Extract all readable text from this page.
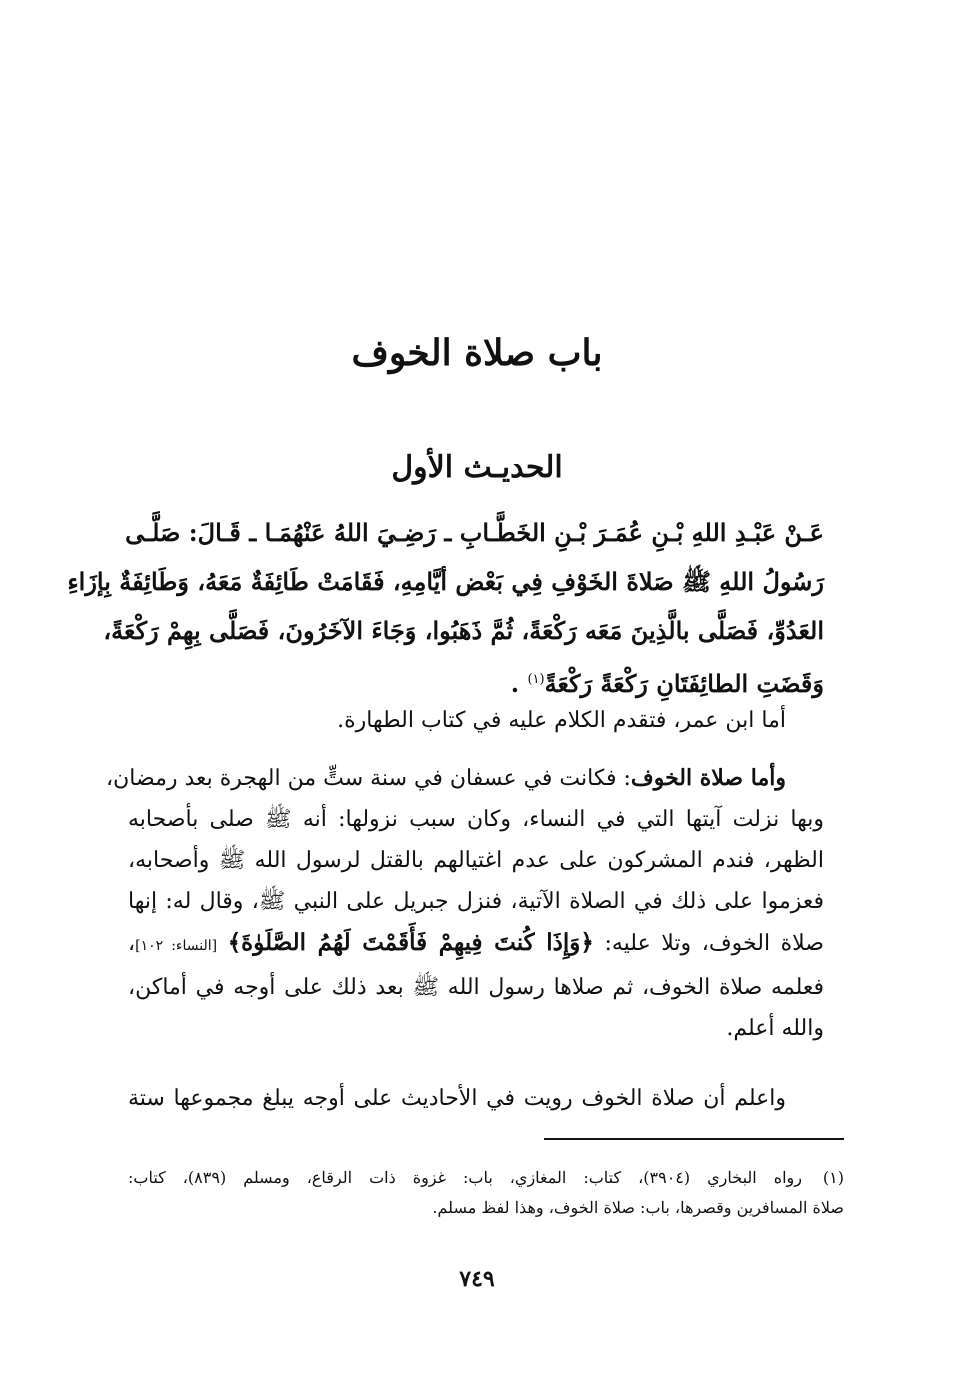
باب صلاة الخوف
الحديـث الأول
عَـنْ عَبْـدِ اللهِ بْـنِ عُمَـرَ بْـنِ الخَطَّـابِ ـ رَضِـيَ اللهُ عَنْهُمَـا ـ قَـالَ: صَلَّـى
رَسُولُ اللهِ ﷺ صَلاةَ الخَوْفِ فِي بَعْض أيَّامِهِ، فَقَامَتْ طَائِفَةٌ مَعَهُ، وَطَائِفَةٌ بِإزَاءِ
العَدُوِّ، فَصَلَّى بالَّذِينَ مَعَه رَكْعَةً، ثُمَّ ذَهَبُوا، وَجَاءَ الآخَرُونَ، فَصَلَّى بِهِمْ رَكْعَةً،
وَقَضَتِ الطائِفَتَانِ رَكْعَةً رَكْعَةً$^{(١)}$ .
أما ابن عمر، فتقدم الكلام عليه في كتاب الطهارة.
وأما صلاة الخوف: فكانت في عسفان في سنة ستٍّ من الهجرة بعد رمضان،
وبها نزلت آيتها التي في النساء، وكان سبب نزولها: أنه ﷺ صلى بأصحابه
الظهر، فندم المشركون على عدم اغتيالهم بالقتل لرسول الله ﷺ وأصحابه،
فعزموا على ذلك في الصلاة الآتية، فنزل جبريل على النبي ﷺ، وقال له: إنها
صلاة الخوف، وتلا عليه: ﴿وَإِذَا كُنتَ فِيهِمْ فَأَقَمْتَ لَهُمُ الصَّلَوٰةَ﴾ [النساء: ١٠٢]،
فعلمه صلاة الخوف، ثم صلاها رسول الله ﷺ بعد ذلك على أوجه في أماكن،
والله أعلم.
واعلم أن صلاة الخوف رويت في الأحاديث على أوجه يبلغ مجموعها ستة
(١)رواه البخاري (٣٩٠٤)، كتاب: المغازي، باب: غزوة ذات الرقاع، ومسلم (٨٣٩)، كتاب:
صلاة المسافرين وقصرها، باب: صلاة الخوف، وهذا لفظ مسلم.
٧٤٩
